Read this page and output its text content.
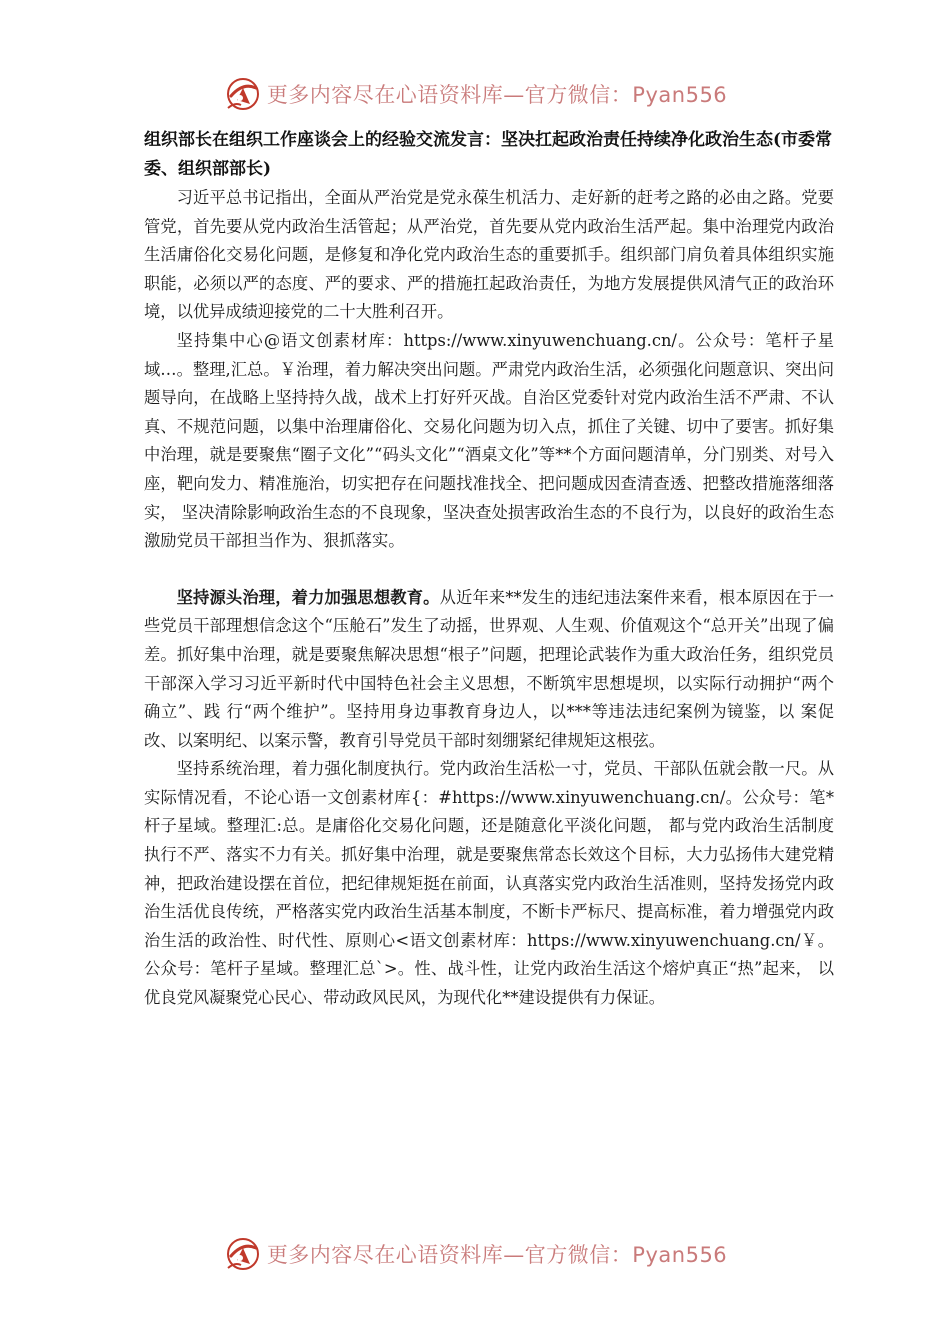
更多内容尽在心语资料库—官方微信：Pyan556

组织部长在组织工作座谈会上的经验交流发言：坚决扛起政治责任持续净化政治生态(市委常委、组织部部长)

习近平总书记指出，全面从严治党是党永葆生机活力、走好新的赶考之路的必由之路。党要管党，首先要从党内政治生活管起；从严治党，首先要从党内政治生活严起。集中治理党内政治生活庸俗化交易化问题，是修复和净化党内政治生态的重要抓手。组织部门肩负着具体组织实施职能，必须以严的态度、严的要求、严的措施扛起政治责任，为地方发展提供风清气正的政治环境，以优异成绩迎接党的二十大胜利召开。

坚持集中心@语文创素材库：https://www.xinyuwenchuang.cn/。公众号：笔杆子星域…。整理,汇总。￥治理，着力解决突出问题。严肃党内政治生活，必须强化问题意识、突出问题导向，在战略上坚持持久战，战术上打好歼灭战。自治区党委针对党内政治生活不严肃、不认真、不规范问题，以集中治理庸俗化、交易化问题为切入点，抓住了关键、切中了要害。抓好集中治理，就是要聚焦“圈子文化”“码头文化”“酒桌文化”等**个方面问题清单，分门别类、对号入座，靶向发力、精准施治，切实把存在问题找准找全、把问题成因查清查透、把整改措施落细落实， 坚决清除影响政治生态的不良现象，坚决查处损害政治生态的不良行为，以良好的政治生态激励党员干部担当作为、狠抓落实。

坚持源头治理，着力加强思想教育。从近年来**发生的违纪违法案件来看，根本原因在于一些党员干部理想信念这个“压舱石”发生了动摇，世界观、人生观、价值观这个“总开关”出现了偏差。抓好集中治理，就是要聚焦解决思想“根子”问题，把理论武装作为重大政治任务，组织党员干部深入学习习近平新时代中国特色社会主义思想，不断筑牢思想堤坝，以实际行动拥护“两个确立”、践 行“两个维护”。坚持用身边事教育身边人，以***等违法违纪案例为镜鉴，以 案促改、以案明纪、以案示警，教育引导党员干部时刻绷紧纪律规矩这根弦。

坚持系统治理，着力强化制度执行。党内政治生活松一寸，党员、干部队伍就会散一尺。从实际情况看，不论心语一文创素材库{：#https://www.xinyuwenchuang.cn/。公众号：笔*杆子星域。整理汇:总。是庸俗化交易化问题，还是随意化平淡化问题， 都与党内政治生活制度执行不严、落实不力有关。抓好集中治理，就是要聚焦常态长效这个目标，大力弘扬伟大建党精神，把政治建设摆在首位，把纪律规矩挺在前面，认真落实党内政治生活准则，坚持发扬党内政治生活优良传统，严格落实党内政治生活基本制度，不断卡严标尺、提高标准，着力增强党内政治生活的政治性、时代性、原则心<语文创素材库：https://www.xinyuwenchuang.cn/￥。公众号：笔杆子星域。整理汇总`>。性、战斗性，让党内政治生活这个熔炉真正“热”起来， 以优良党风凝聚党心民心、带动政风民风，为现代化**建设提供有力保证。

更多内容尽在心语资料库—官方微信：Pyan556
